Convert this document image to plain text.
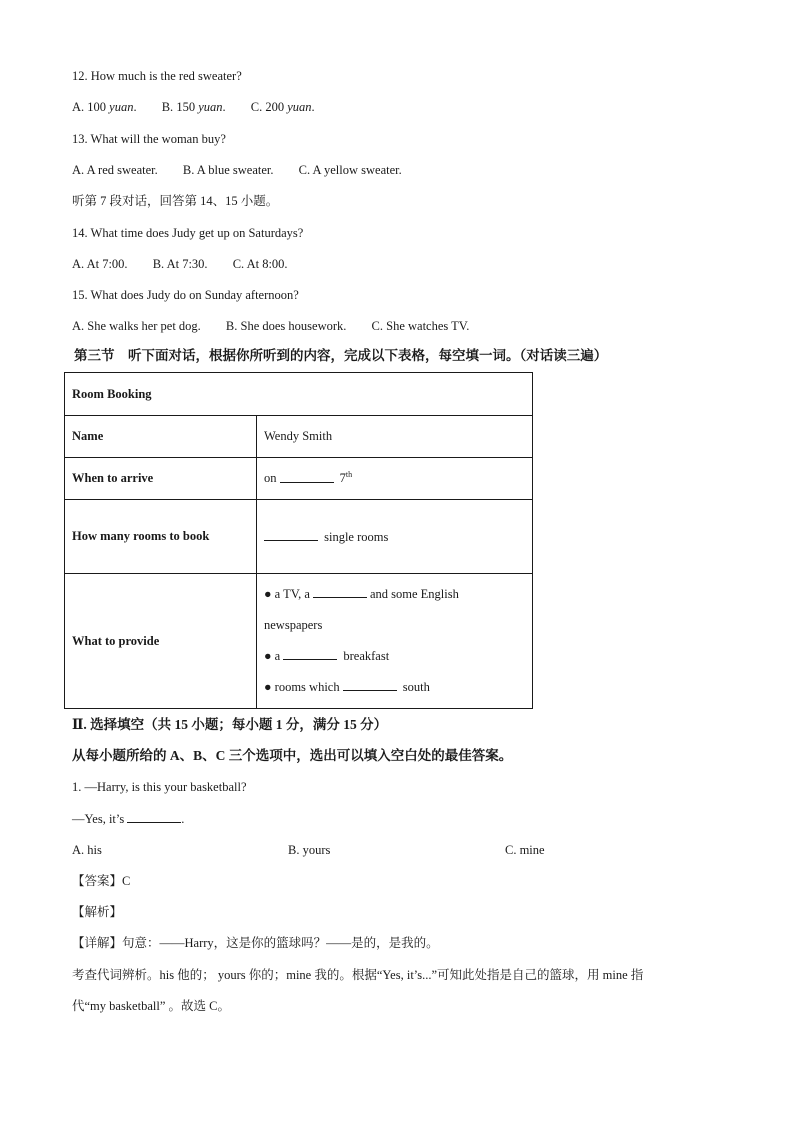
12. How much is the red sweater?
A. 100 yuan. B. 150 yuan. C. 200 yuan.
13. What will the woman buy?
A. A red sweater. B. A blue sweater. C. A yellow sweater.
听第 7 段对话，回答第 14、15 小题。
14. What time does Judy get up on Saturdays?
A. At 7:00. B. At 7:30. C. At 8:00.
15. What does Judy do on Sunday afternoon?
A. She walks her pet dog. B. She does housework. C. She watches TV.
第三节    听下面对话，根据你所听到的内容，完成以下表格，每空填一词。（对话读三遍）
Room Booking	
Name	Wendy Smith
When to arrive	on 7th

How many rooms to book	single rooms
What to provide	● a TV, a and some English

newspapers

● a breakfast

● rooms which south

Ⅱ. 选择填空（共 15 小题；每小题 1 分，满分 15 分）
从每小题所给的 A、B、C 三个选项中，选出可以填入空白处的最佳答案。
1. —Harry, is this your basketball?
—Yes, it’s	.
A. his	B. yours	C. mine
【答案】C
【解析】
【详解】句意：——Harry，这是你的篮球吗？——是的，是我的。
考查代词辨析。his 他的； yours 你的；mine 我的。根据“Yes, it’s...”可知此处指是自己的篮球，用 mine 指
代“my basketball” 。故选 C。
